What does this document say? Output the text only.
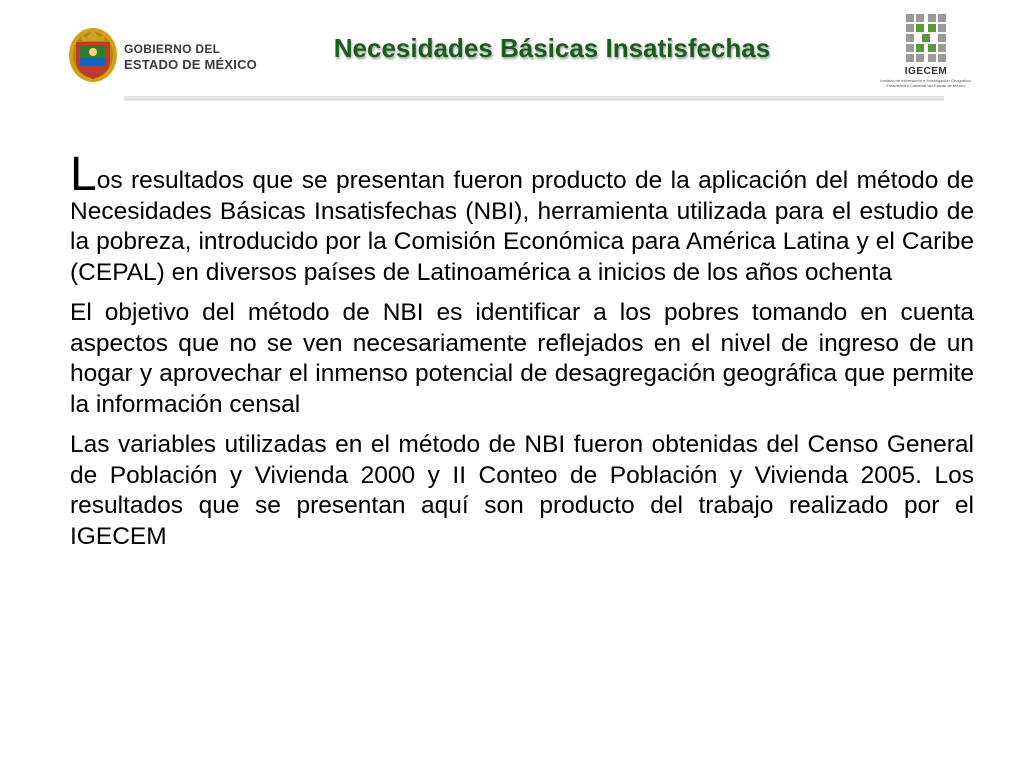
GOBIERNO DEL
ESTADO DE MÉXICO
Necesidades Básicas Insatisfechas
IGECEM
Instituto de Información e Investigación Geográfica, Estadística y Catastral del Estado de México

Los resultados que se presentan fueron producto de la aplicación del método de Necesidades Básicas Insatisfechas (NBI), herramienta utilizada para el estudio de la pobreza, introducido por la Comisión Económica para América Latina y el Caribe (CEPAL) en diversos países de Latinoamérica a inicios de los años ochenta

El objetivo del método de NBI es identificar a los pobres tomando en cuenta aspectos que no se ven necesariamente reflejados en el nivel de ingreso de un hogar y aprovechar el inmenso potencial de desagregación geográfica que permite la información censal

Las variables utilizadas en el método de NBI fueron obtenidas del Censo General de Población y Vivienda 2000 y II Conteo de Población y Vivienda 2005. Los resultados que se presentan aquí son producto del trabajo realizado por el IGECEM
